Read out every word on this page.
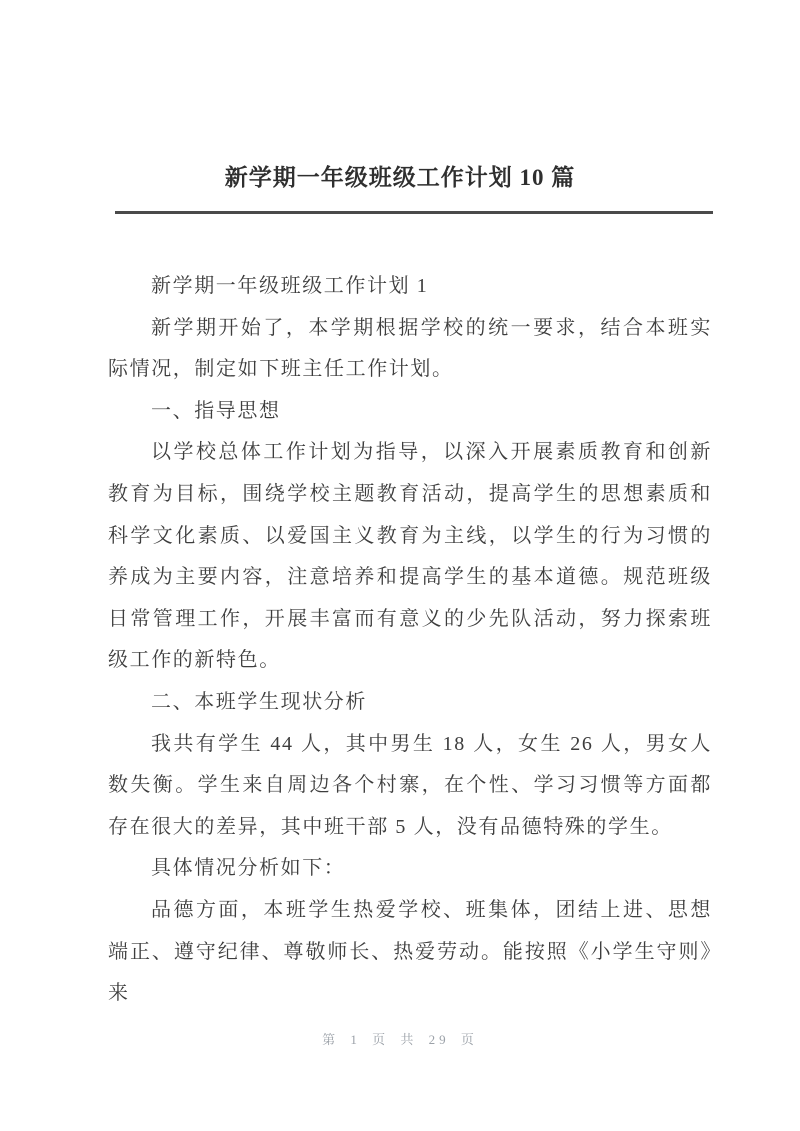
新学期一年级班级工作计划 10 篇

新学期一年级班级工作计划 1

新学期开始了，本学期根据学校的统一要求，结合本班实际情况，制定如下班主任工作计划。

一、指导思想

以学校总体工作计划为指导，以深入开展素质教育和创新教育为目标，围绕学校主题教育活动，提高学生的思想素质和科学文化素质、以爱国主义教育为主线，以学生的行为习惯的养成为主要内容，注意培养和提高学生的基本道德。规范班级日常管理工作，开展丰富而有意义的少先队活动，努力探索班级工作的新特色。

二、本班学生现状分析

我共有学生 44 人，其中男生 18 人，女生 26 人，男女人数失衡。学生来自周边各个村寨，在个性、学习习惯等方面都存在很大的差异，其中班干部 5 人，没有品德特殊的学生。

具体情况分析如下：

品德方面，本班学生热爱学校、班集体，团结上进、思想端正、遵守纪律、尊敬师长、热爱劳动。能按照《小学生守则》来

第 1 页 共 29 页
